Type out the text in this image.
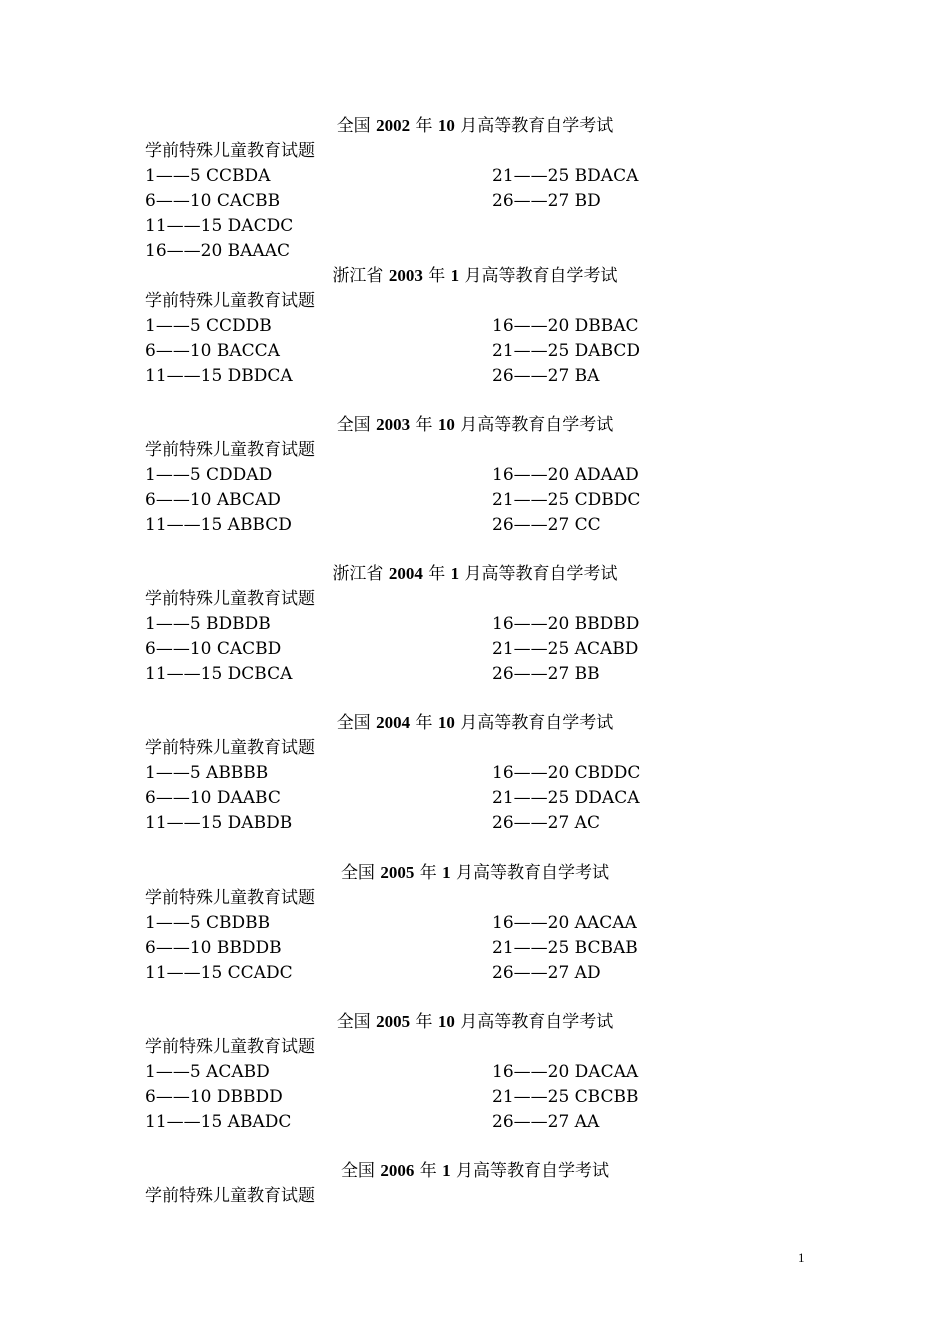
全国 2002 年 10 月高等教育自学考试
学前特殊儿童教育试题
1——5 CCBDA
6——10 CACBB
11——15 DACDC
16——20 BAAAC
21——25 BDACA
26——27 BD
浙江省 2003 年 1 月高等教育自学考试
学前特殊儿童教育试题
1——5 CCDDB
6——10 BACCA
11——15 DBDCA
16——20 DBBAC
21——25 DABCD
26——27 BA
全国 2003 年 10 月高等教育自学考试
学前特殊儿童教育试题
1——5 CDDAD
6——10 ABCAD
11——15 ABBCD
16——20 ADAAD
21——25 CDBDC
26——27 CC
浙江省 2004 年 1 月高等教育自学考试
学前特殊儿童教育试题
1——5 BDBDB
6——10 CACBD
11——15 DCBCA
16——20 BBDBD
21——25 ACABD
26——27 BB
全国 2004 年 10 月高等教育自学考试
学前特殊儿童教育试题
1——5 ABBBB
6——10 DAABC
11——15 DABDB
16——20 CBDDC
21——25 DDACA
26——27 AC
全国 2005 年 1 月高等教育自学考试
学前特殊儿童教育试题
1——5 CBDBB
6——10 BBDDB
11——15 CCADC
16——20 AACAA
21——25 BCBAB
26——27 AD
全国 2005 年 10 月高等教育自学考试
学前特殊儿童教育试题
1——5 ACABD
6——10 DBBDD
11——15 ABADC
16——20 DACAA
21——25 CBCBB
26——27 AA
全国 2006 年 1 月高等教育自学考试
学前特殊儿童教育试题
1
